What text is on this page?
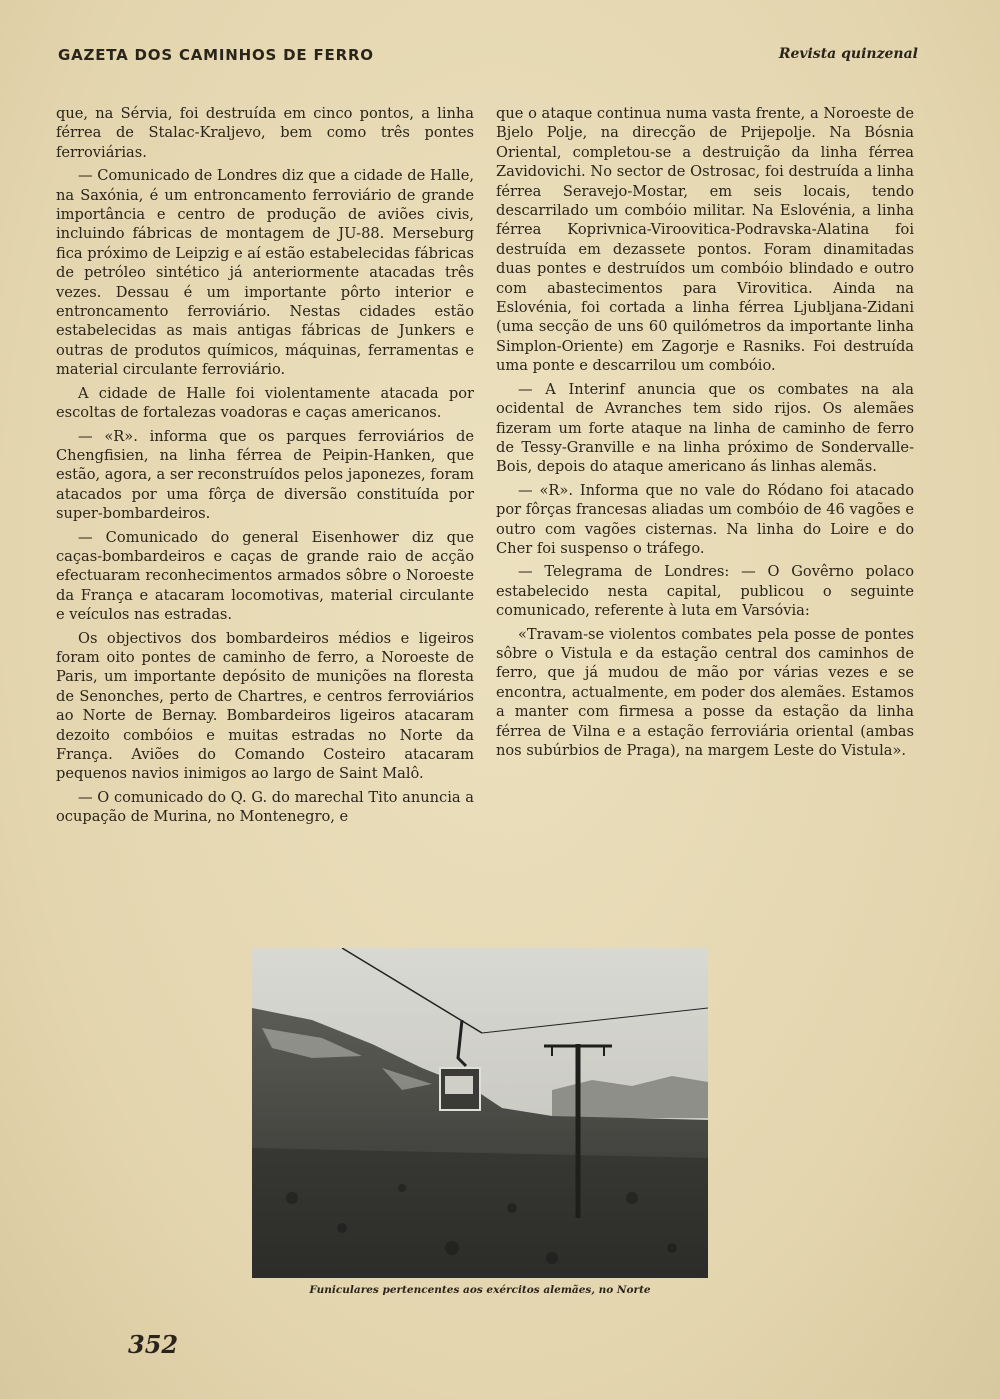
GAZETA DOS CAMINHOS DE FERRO	Revista quinzenal

que, na Sérvia, foi destruída em cinco pontos, a linha férrea de Stalac-Kraljevo, bem como três pontes ferroviárias.

— Comunicado de Londres diz que a cidade de Halle, na Saxónia, é um entroncamento ferroviário de grande importância e centro de produção de aviões civis, incluindo fábricas de montagem de JU-88. Merseburg fica próximo de Leipzig e aí estão estabelecidas fábricas de petróleo sintético já anteriormente atacadas três vezes. Dessau é um importante pôrto interior e entroncamento ferroviário. Nestas cidades estão estabelecidas as mais antigas fábricas de Junkers e outras de produtos químicos, máquinas, ferramentas e material circulante ferroviário.

A cidade de Halle foi violentamente atacada por escoltas de fortalezas voadoras e caças americanos.

— «R». informa que os parques ferroviários de Chengfisien, na linha férrea de Peipin-Hanken, que estão, agora, a ser reconstruídos pelos japonezes, foram atacados por uma fôrça de diversão constituída por super-bombardeiros.

— Comunicado do general Eisenhower diz que caças-bombardeiros e caças de grande raio de acção efectuaram reconhecimentos armados sôbre o Noroeste da França e atacaram locomotivas, material circulante e veículos nas estradas.

Os objectivos dos bombardeiros médios e ligeiros foram oito pontes de caminho de ferro, a Noroeste de Paris, um importante depósito de munições na floresta de Senonches, perto de Chartres, e centros ferroviários ao Norte de Bernay. Bombardeiros ligeiros atacaram dezoito combóios e muitas estradas no Norte da França. Aviões do Comando Costeiro atacaram pequenos navios inimigos ao largo de Saint Malô.

— O comunicado do Q. G. do marechal Tito anuncia a ocupação de Murina, no Montenegro, e

que o ataque continua numa vasta frente, a Noroeste de Bjelo Polje, na direcção de Prijepolje. Na Bósnia Oriental, completou-se a destruição da linha férrea Zavidovichi. No sector de Ostrosac, foi destruída a linha férrea Seravejo-Mostar, em seis locais, tendo descarrilado um combóio militar. Na Eslovénia, a linha férrea Koprivnica-Viroovitica-Podravska-Alatina foi destruída em dezassete pontos. Foram dinamitadas duas pontes e destruídos um combóio blindado e outro com abastecimentos para Virovitica. Ainda na Eslovénia, foi cortada a linha férrea Ljubljana-Zidani (uma secção de uns 60 quilómetros da importante linha Simplon-Oriente) em Zagorje e Rasniks. Foi destruída uma ponte e descarrilou um combóio.

— A Interinf anuncia que os combates na ala ocidental de Avranches tem sido rijos. Os alemães fizeram um forte ataque na linha de caminho de ferro de Tessy-Granville e na linha próximo de Sondervalle-Bois, depois do ataque americano ás linhas alemãs.

— «R». Informa que no vale do Ródano foi atacado por fôrças francesas aliadas um combóio de 46 vagões e outro com vagões cisternas. Na linha do Loire e do Cher foi suspenso o tráfego.

— Telegrama de Londres: — O Govêrno polaco estabelecido nesta capital, publicou o seguinte comunicado, referente à luta em Varsóvia:

«Travam-se violentos combates pela posse de pontes sôbre o Vistula e da estação central dos caminhos de ferro, que já mudou de mão por várias vezes e se encontra, actualmente, em poder dos alemães. Estamos a manter com firmesa a posse da estação da linha férrea de Vilna e a estação ferroviária oriental (ambas nos subúrbios de Praga), na margem Leste do Vistula».

Funiculares pertencentes aos exércitos alemães, no Norte
352
